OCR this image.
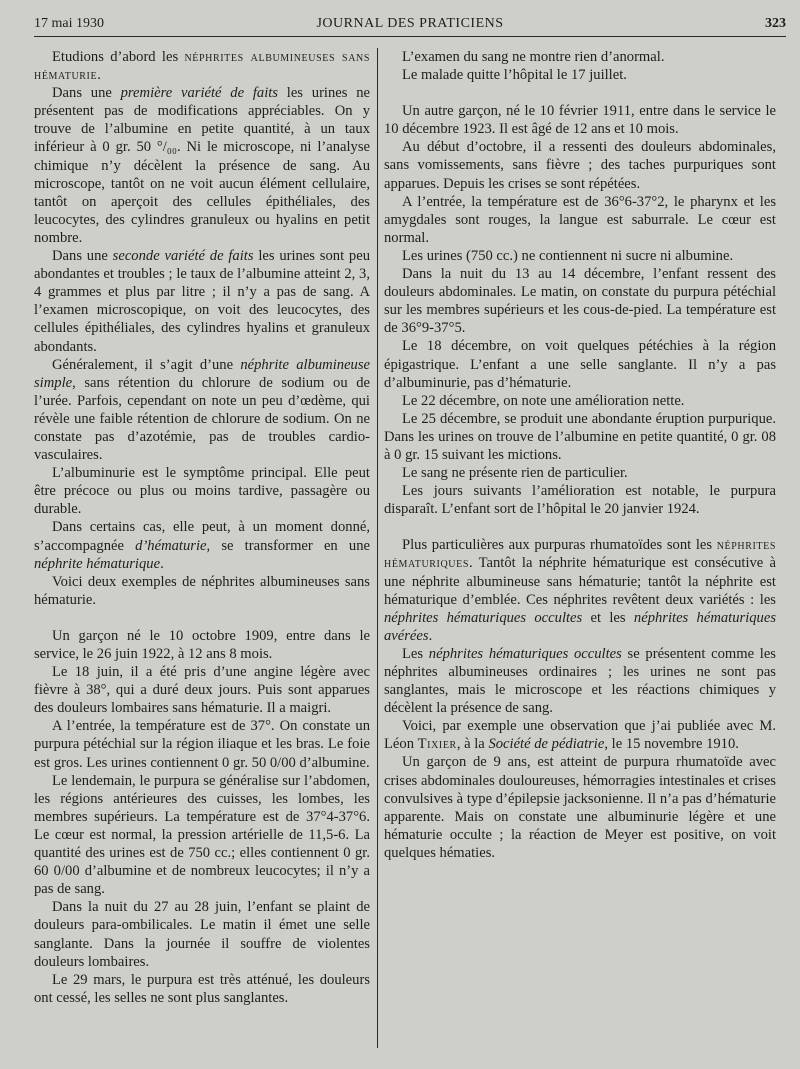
17 mai 1930	JOURNAL DES PRATICIENS	323

Etudions d’abord les néphrites albumineuses sans hématurie.

Dans une première variété de faits les urines ne présentent pas de modifications appréciables. On y trouve de l’albumine en petite quantité, à un taux inférieur à 0 gr. 50 °/₀₀. Ni le microscope, ni l’analyse chimique n’y décèlent la présence de sang. Au microscope, tantôt on ne voit aucun élément cellulaire, tantôt on aperçoit des cellules épithéliales, des leucocytes, des cylindres granuleux ou hyalins en petit nombre.

Dans une seconde variété de faits les urines sont peu abondantes et troubles ; le taux de l’albumine atteint 2, 3, 4 grammes et plus par litre ; il n’y a pas de sang. A l’examen microscopique, on voit des leucocytes, des cellules épithéliales, des cylindres hyalins et granuleux abondants.

Généralement, il s’agit d’une néphrite albumineuse simple, sans rétention du chlorure de sodium ou de l’urée. Parfois, cependant on note un peu d’œdème, qui révèle une faible rétention de chlorure de sodium. On ne constate pas d’azotémie, pas de troubles cardio-vasculaires.

L’albuminurie est le symptôme principal. Elle peut être précoce ou plus ou moins tardive, passagère ou durable.

Dans certains cas, elle peut, à un moment donné, s’accompagnée d’hématurie, se transformer en une néphrite hématurique.

Voici deux exemples de néphrites albumineuses sans hématurie.

Un garçon né le 10 octobre 1909, entre dans le service, le 26 juin 1922, à 12 ans 8 mois.

Le 18 juin, il a été pris d’une angine légère avec fièvre à 38°, qui a duré deux jours. Puis sont apparues des douleurs lombaires sans hématurie. Il a maigri.

A l’entrée, la température est de 37°. On constate un purpura pétéchial sur la région iliaque et les bras. Le foie est gros. Les urines contiennent 0 gr. 50 0/00 d’albumine.

Le lendemain, le purpura se généralise sur l’abdomen, les régions antérieures des cuisses, les lombes, les membres supérieurs. La température est de 37°4-37°6. Le cœur est normal, la pression artérielle de 11,5-6. La quantité des urines est de 750 cc.; elles contiennent 0 gr. 60 0/00 d’albumine et de nombreux leucocytes; il n’y a pas de sang.

Dans la nuit du 27 au 28 juin, l’enfant se plaint de douleurs para-ombilicales. Le matin il émet une selle sanglante. Dans la journée il souffre de violentes douleurs lombaires.

Le 29 mars, le purpura est très atténué, les douleurs ont cessé, les selles ne sont plus sanglantes.

L’examen du sang ne montre rien d’anormal.

Le malade quitte l’hôpital le 17 juillet.

Un autre garçon, né le 10 février 1911, entre dans le service le 10 décembre 1923. Il est âgé de 12 ans et 10 mois.

Au début d’octobre, il a ressenti des douleurs abdominales, sans vomissements, sans fièvre ; des taches purpuriques sont apparues. Depuis les crises se sont répétées.

A l’entrée, la température est de 36°6-37°2, le pharynx et les amygdales sont rouges, la langue est saburrale. Le cœur est normal.

Les urines (750 cc.) ne contiennent ni sucre ni albumine.

Dans la nuit du 13 au 14 décembre, l’enfant ressent des douleurs abdominales. Le matin, on constate du purpura pétéchial sur les membres supérieurs et les cous-de-pied. La température est de 36°9-37°5.

Le 18 décembre, on voit quelques pétéchies à la région épigastrique. L’enfant a une selle sanglante. Il n’y a pas d’albuminurie, pas d’hématurie.

Le 22 décembre, on note une amélioration nette.

Le 25 décembre, se produit une abondante éruption purpurique. Dans les urines on trouve de l’albumine en petite quantité, 0 gr. 08 à 0 gr. 15 suivant les mictions.

Le sang ne présente rien de particulier.

Les jours suivants l’amélioration est notable, le purpura disparaît. L’enfant sort de l’hôpital le 20 janvier 1924.

Plus particulières aux purpuras rhumatoïdes sont les néphrites hématuriques. Tantôt la néphrite hématurique est consécutive à une néphrite albumineuse sans hématurie; tantôt la néphrite est hématurique d’emblée. Ces néphrites revêtent deux variétés : les néphrites hématuriques occultes et les néphrites hématuriques avérées.

Les néphrites hématuriques occultes se présentent comme les néphrites albumineuses ordinaires ; les urines ne sont pas sanglantes, mais le microscope et les réactions chimiques y décèlent la présence de sang.

Voici, par exemple une observation que j’ai publiée avec M. Léon Tixier, à la Société de pédiatrie, le 15 novembre 1910.

Un garçon de 9 ans, est atteint de purpura rhumatoïde avec crises abdominales douloureuses, hémorragies intestinales et crises convulsives à type d’épilepsie jacksonienne. Il n’a pas d’hématurie apparente. Mais on constate une albuminurie légère et une hématurie occulte ; la réaction de Meyer est positive, on voit quelques hématies.
